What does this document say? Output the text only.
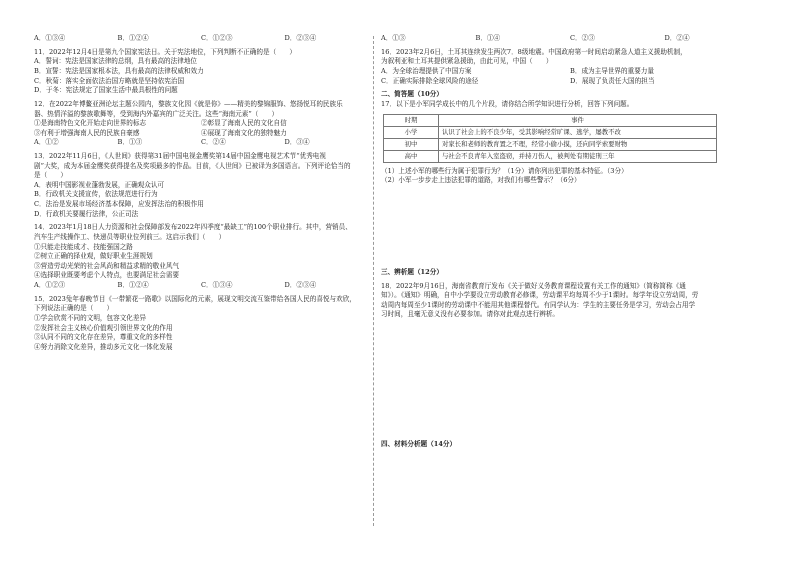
A．①③④	B．①②④	C．①②③	D．②③④
11．2022年12月4日是第九个国家宪法日。关于宪法地位，下列判断不正确的是（　　）
A．誓词：宪法是国家法律的总纲，具有最高的法律地位
B．宣誓：宪法是国家根本法，具有最高的法律权威和效力
C．秋菊：落实全面依法治国方略就是坚持依宪治国
D．于冬：宪法规定了国家生活中最具根性的问题
12．在2022年博鳌亚洲论坛主题公园内，黎族文化园《就是你》——精美的黎锦服饰、悠扬悦耳的民族乐
器、热情洋溢的黎族歌舞等，受到海内外嘉宾的广泛关注。这些“海南元素”（　　）
①是海南特色文化开始走向世界的标志	②彰显了海南人民的文化自信
③有利于增强海南人民的民族自豪感	④展现了海南文化的独特魅力
A．①②	B．①③	C．②④	D．③④
13．2022年11月6日，《人世间》获得第31届中国电视金鹰奖第14届中国金鹰电视艺术节“优秀电视
剧”大奖，成为本届金鹰奖获得提名及奖项最多的作品。目前，《人世间》已被译为多国语言。下列评论恰当的
是（　　）
A．表明中国影视业蓬勃发展，正确观众认可
B．行政机关支援宣传，依法规范进行行为
C．法治是发展市场经济基本保障，应发挥法治的积极作用
D．行政机关要履行法律，公正司法
14．2023年1月18日人力资源和社会保障部发布2022年四季度“最缺工”的100个职业排行。其中，营销员、
汽车生产线操作工、快递员等职业位列前三。这启示我们（　　）
①只能走技能成才、技能强国之路
②树立正确的择业观，做好职业生涯规划
③营造劳动光荣的社会风尚和精益求精的敬业风气
④选择职业既要考虑个人特点，也要满足社会需要
A．①②③	B．①②④	C．①③④	D．②③④
15．2023兔年春晚节目《一带繁花一路歌》以国际化的元素，展现文明交流互鉴带给各国人民的喜悦与欢欣，
下列说法正确的是（　　）
①学会欣赏不同的文明，包容文化差异
②发挥社会主义核心价值观引领世界文化的作用
③认同不同的文化存在差异，尊重文化的多样性
④努力消除文化差异，推动多元文化一体化发展
A．①③	B．①④	C．②③	D．②④
16．2023年2月6日，土耳其连续发生两次7．8级地震。中国政府第一时间启动紧急人道主义援助机制，
为叙利亚和土耳其提供紧急援助，由此可见，中国（　　）
A．为全球治理提供了中国方案	B．成为主导世界的重要力量
C．正确实际排除全球风险的途径	D．展现了负责任大国的担当
二、简答题（10分）
17．以下是小军同学成长中的几个片段，请你结合所学知识进行分析，回答下列问题。
时期	事件
小学	认识了社会上的不良少年，受其影响经常旷课、逃学，屡教不改
初中	对家长和老师的教育置之不理，经常小偷小摸，还向同学索要财物
高中	与社会不良青年入室盗窃，并持刀伤人，被判处有期徒刑三年
（1）上述小军的哪些行为属于犯罪行为？（1分）请你列出犯罪的基本特征。（3分）
（2）小军一步步走上违法犯罪的道路，对我们有哪些警示？（6分）
三、辨析题（12分）
18．2022年9月16日，海南省教育厅发布《关于做好义务教育课程设置有关工作的通知》（简称简称《通
知》）。《通知》明确，自中小学要设立劳动教育必修课，劳动课平均每周不少于1课时。每学年设立劳动周，劳
动周内每周至少1课时的劳动课中不能用其他课程替代。有同学认为：学生的主要任务是学习，劳动会占用学
习时间，且毫无意义没有必要参加。请你对此观点进行辨析。
四、材料分析题（14分）
